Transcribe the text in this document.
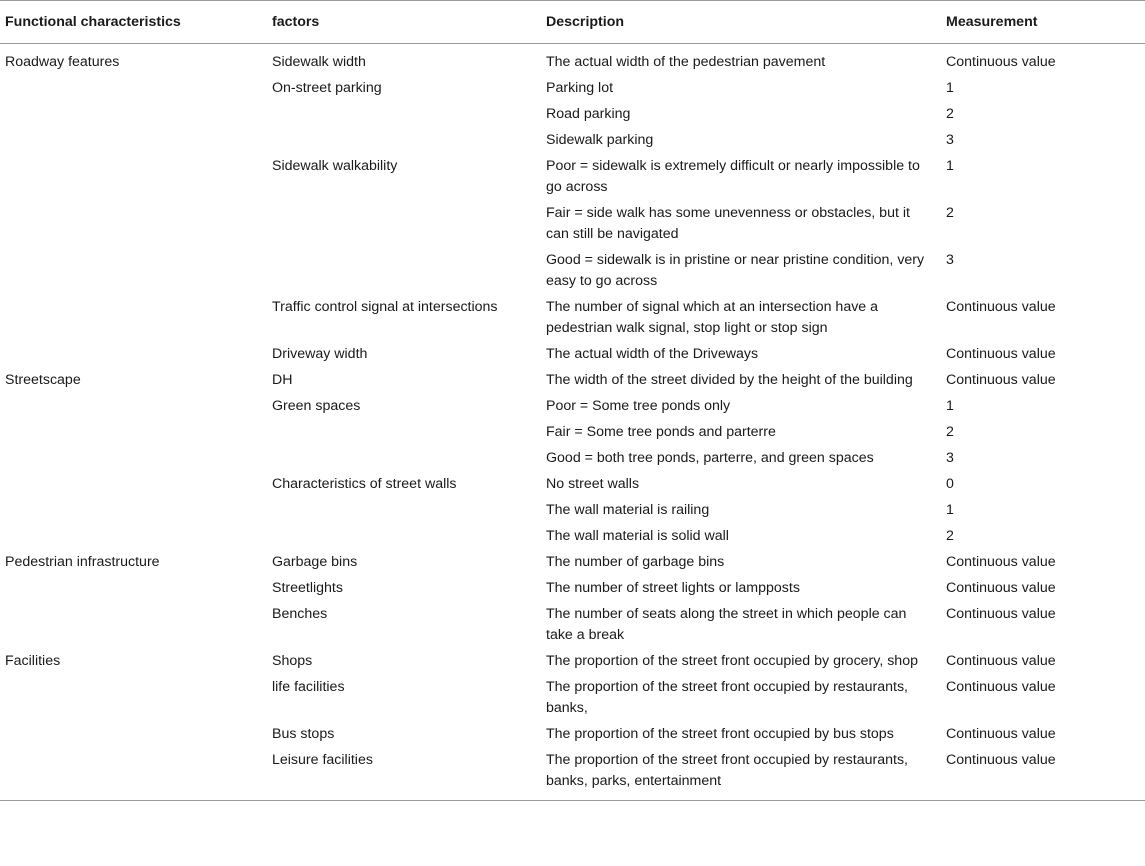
Functional characteristics	factors	Description	Measurement
Roadway features	Sidewalk width	The actual width of the pedestrian pavement	Continuous value
	On-street parking	Parking lot	1
		Road parking	2
		Sidewalk parking	3
	Sidewalk walkability	Poor = sidewalk is extremely difficult or nearly impossible to go across	1
		Fair = side walk has some unevenness or obstacles, but it can still be navigated	2
		Good = sidewalk is in pristine or near pristine condition, very easy to go across	3
	Traffic control signal at intersections	The number of signal which at an intersection have a pedestrian walk signal, stop light or stop sign	Continuous value
	Driveway width	The actual width of the Driveways	Continuous value
Streetscape	DH	The width of the street divided by the height of the building	Continuous value
	Green spaces	Poor = Some tree ponds only	1
		Fair = Some tree ponds and parterre	2
		Good = both tree ponds, parterre, and green spaces	3
	Characteristics of street walls	No street walls	0
		The wall material is railing	1
		The wall material is solid wall	2
Pedestrian infrastructure	Garbage bins	The number of garbage bins	Continuous value
	Streetlights	The number of street lights or lampposts	Continuous value
	Benches	The number of seats along the street in which people can take a break	Continuous value
Facilities	Shops	The proportion of the street front occupied by grocery, shop	Continuous value
	life facilities	The proportion of the street front occupied by restaurants, banks,	Continuous value
	Bus stops	The proportion of the street front occupied by bus stops	Continuous value
	Leisure facilities	The proportion of the street front occupied by restaurants, banks, parks, entertainment	Continuous value
